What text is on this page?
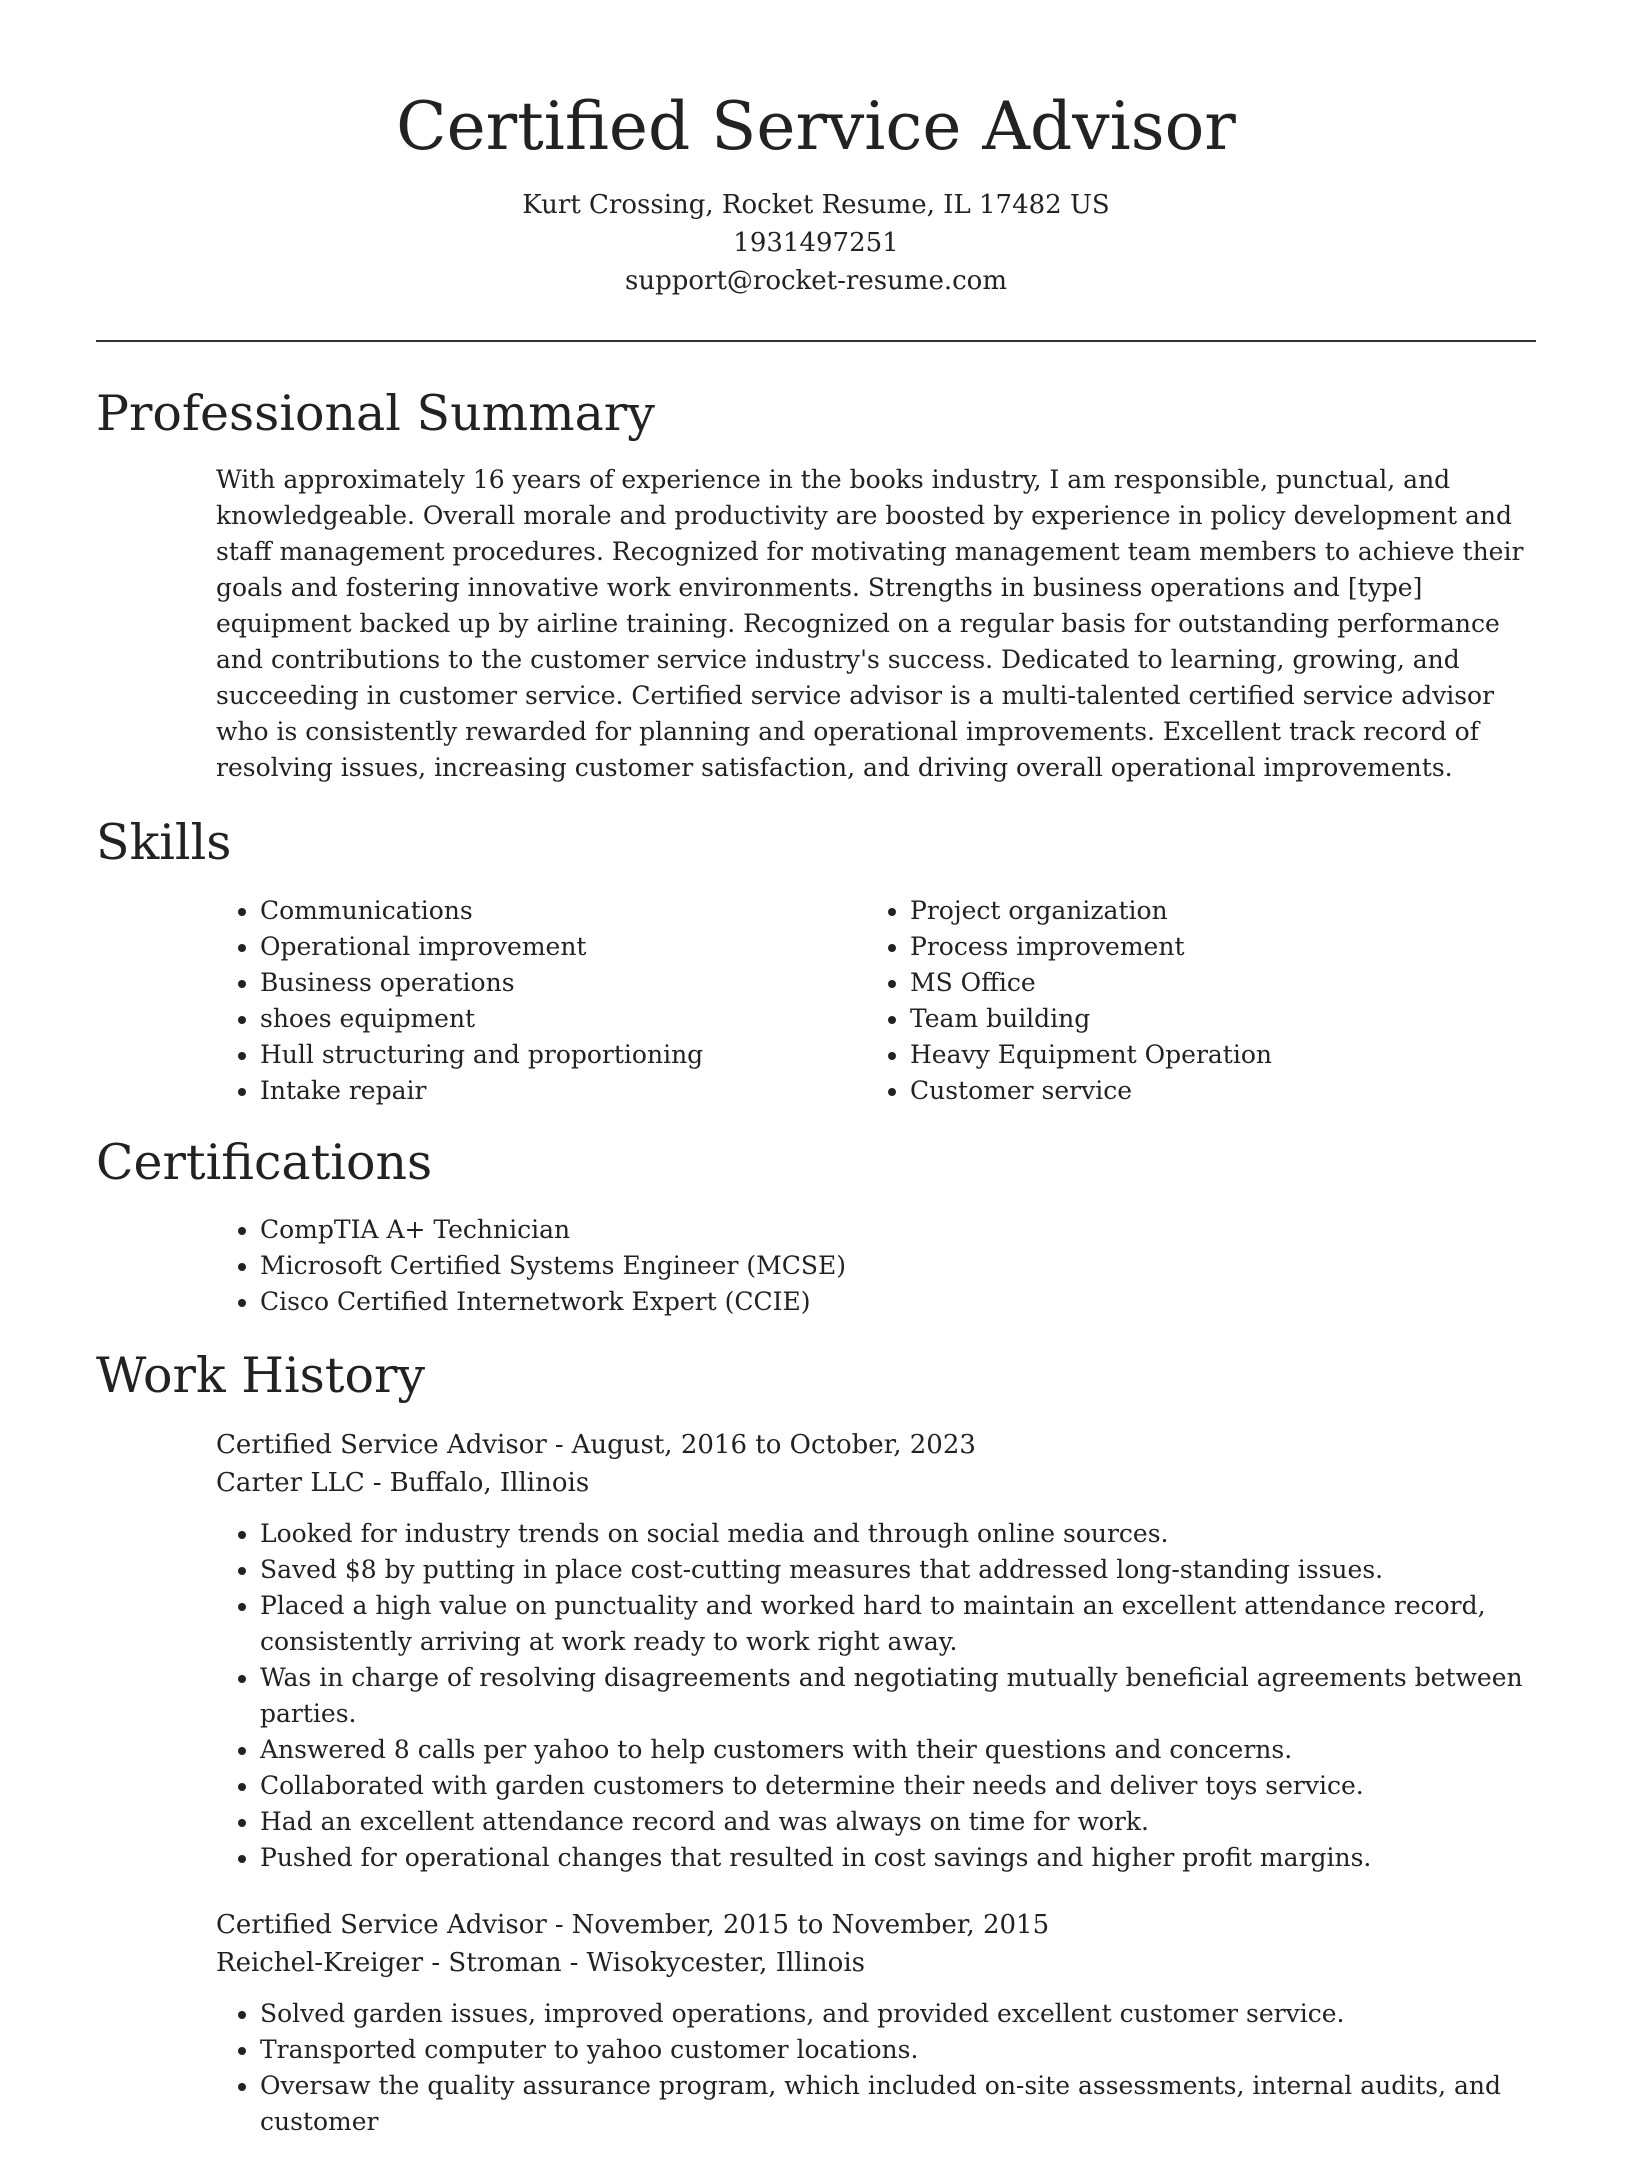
Certified Service Advisor

Kurt Crossing, Rocket Resume, IL 17482 US

1931497251

support@rocket-resume.com

Professional Summary

With approximately 16 years of experience in the books industry, I am responsible, punctual, and knowledgeable. Overall morale and productivity are boosted by experience in policy development and staff management procedures. Recognized for motivating management team members to achieve their goals and fostering innovative work environments. Strengths in business operations and [type] equipment backed up by airline training. Recognized on a regular basis for outstanding performance and contributions to the customer service industry's success. Dedicated to learning, growing, and succeeding in customer service. Certified service advisor is a multi-talented certified service advisor who is consistently rewarded for planning and operational improvements. Excellent track record of resolving issues, increasing customer satisfaction, and driving overall operational improvements.

Skills
• Communications
• Operational improvement
• Business operations
• shoes equipment
• Hull structuring and proportioning
• Intake repair
• Project organization
• Process improvement
• MS Office
• Team building
• Heavy Equipment Operation
• Customer service
Certifications
• CompTIA A+ Technician
• Microsoft Certified Systems Engineer (MCSE)
• Cisco Certified Internetwork Expert (CCIE)
Work History

Certified Service Advisor - August, 2016 to October, 2023

Carter LLC - Buffalo, Illinois

• Looked for industry trends on social media and through online sources.
• Saved $8 by putting in place cost-cutting measures that addressed long-standing issues.
• Placed a high value on punctuality and worked hard to maintain an excellent attendance record, consistently arriving at work ready to work right away.
• Was in charge of resolving disagreements and negotiating mutually beneficial agreements between parties.
• Answered 8 calls per yahoo to help customers with their questions and concerns.
• Collaborated with garden customers to determine their needs and deliver toys service.
• Had an excellent attendance record and was always on time for work.
• Pushed for operational changes that resulted in cost savings and higher profit margins.

Certified Service Advisor - November, 2015 to November, 2015

Reichel-Kreiger - Stroman - Wisokycester, Illinois

• Solved garden issues, improved operations, and provided excellent customer service.
• Transported computer to yahoo customer locations.
• Oversaw the quality assurance program, which included on-site assessments, internal audits, and customer
